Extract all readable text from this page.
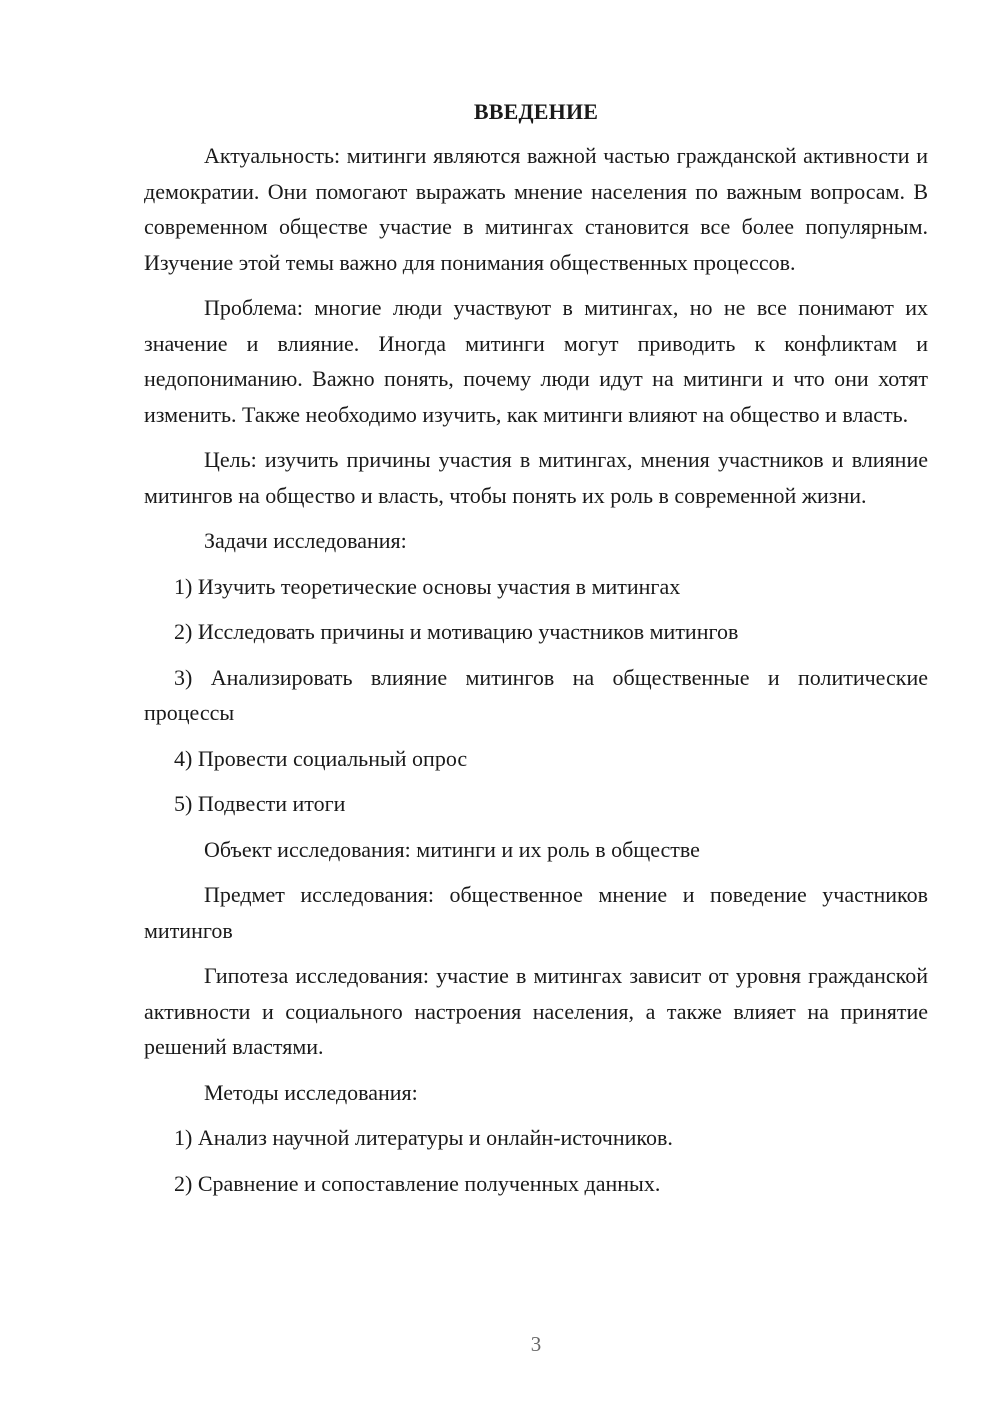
ВВЕДЕНИЕ

Актуальность: митинги являются важной частью гражданской активности и демократии. Они помогают выражать мнение населения по важным вопросам. В современном обществе участие в митингах становится все более популярным. Изучение этой темы важно для понимания общественных процессов.

Проблема: многие люди участвуют в митингах, но не все понимают их значение и влияние. Иногда митинги могут приводить к конфликтам и недопониманию. Важно понять, почему люди идут на митинги и что они хотят изменить. Также необходимо изучить, как митинги влияют на общество и власть.

Цель: изучить причины участия в митингах, мнения участников и влияние митингов на общество и власть, чтобы понять их роль в современной жизни.

Задачи исследования:

1) Изучить теоретические основы участия в митингах

2) Исследовать причины и мотивацию участников митингов

3) Анализировать влияние митингов на общественные и политические процессы

4) Провести социальный опрос

5) Подвести итоги

Объект исследования: митинги и их роль в обществе

Предмет исследования: общественное мнение и поведение участников митингов

Гипотеза исследования: участие в митингах зависит от уровня гражданской активности и социального настроения населения, а также влияет на принятие решений властями.

Методы исследования:

1) Анализ научной литературы и онлайн-источников.

2) Сравнение и сопоставление полученных данных.

3
